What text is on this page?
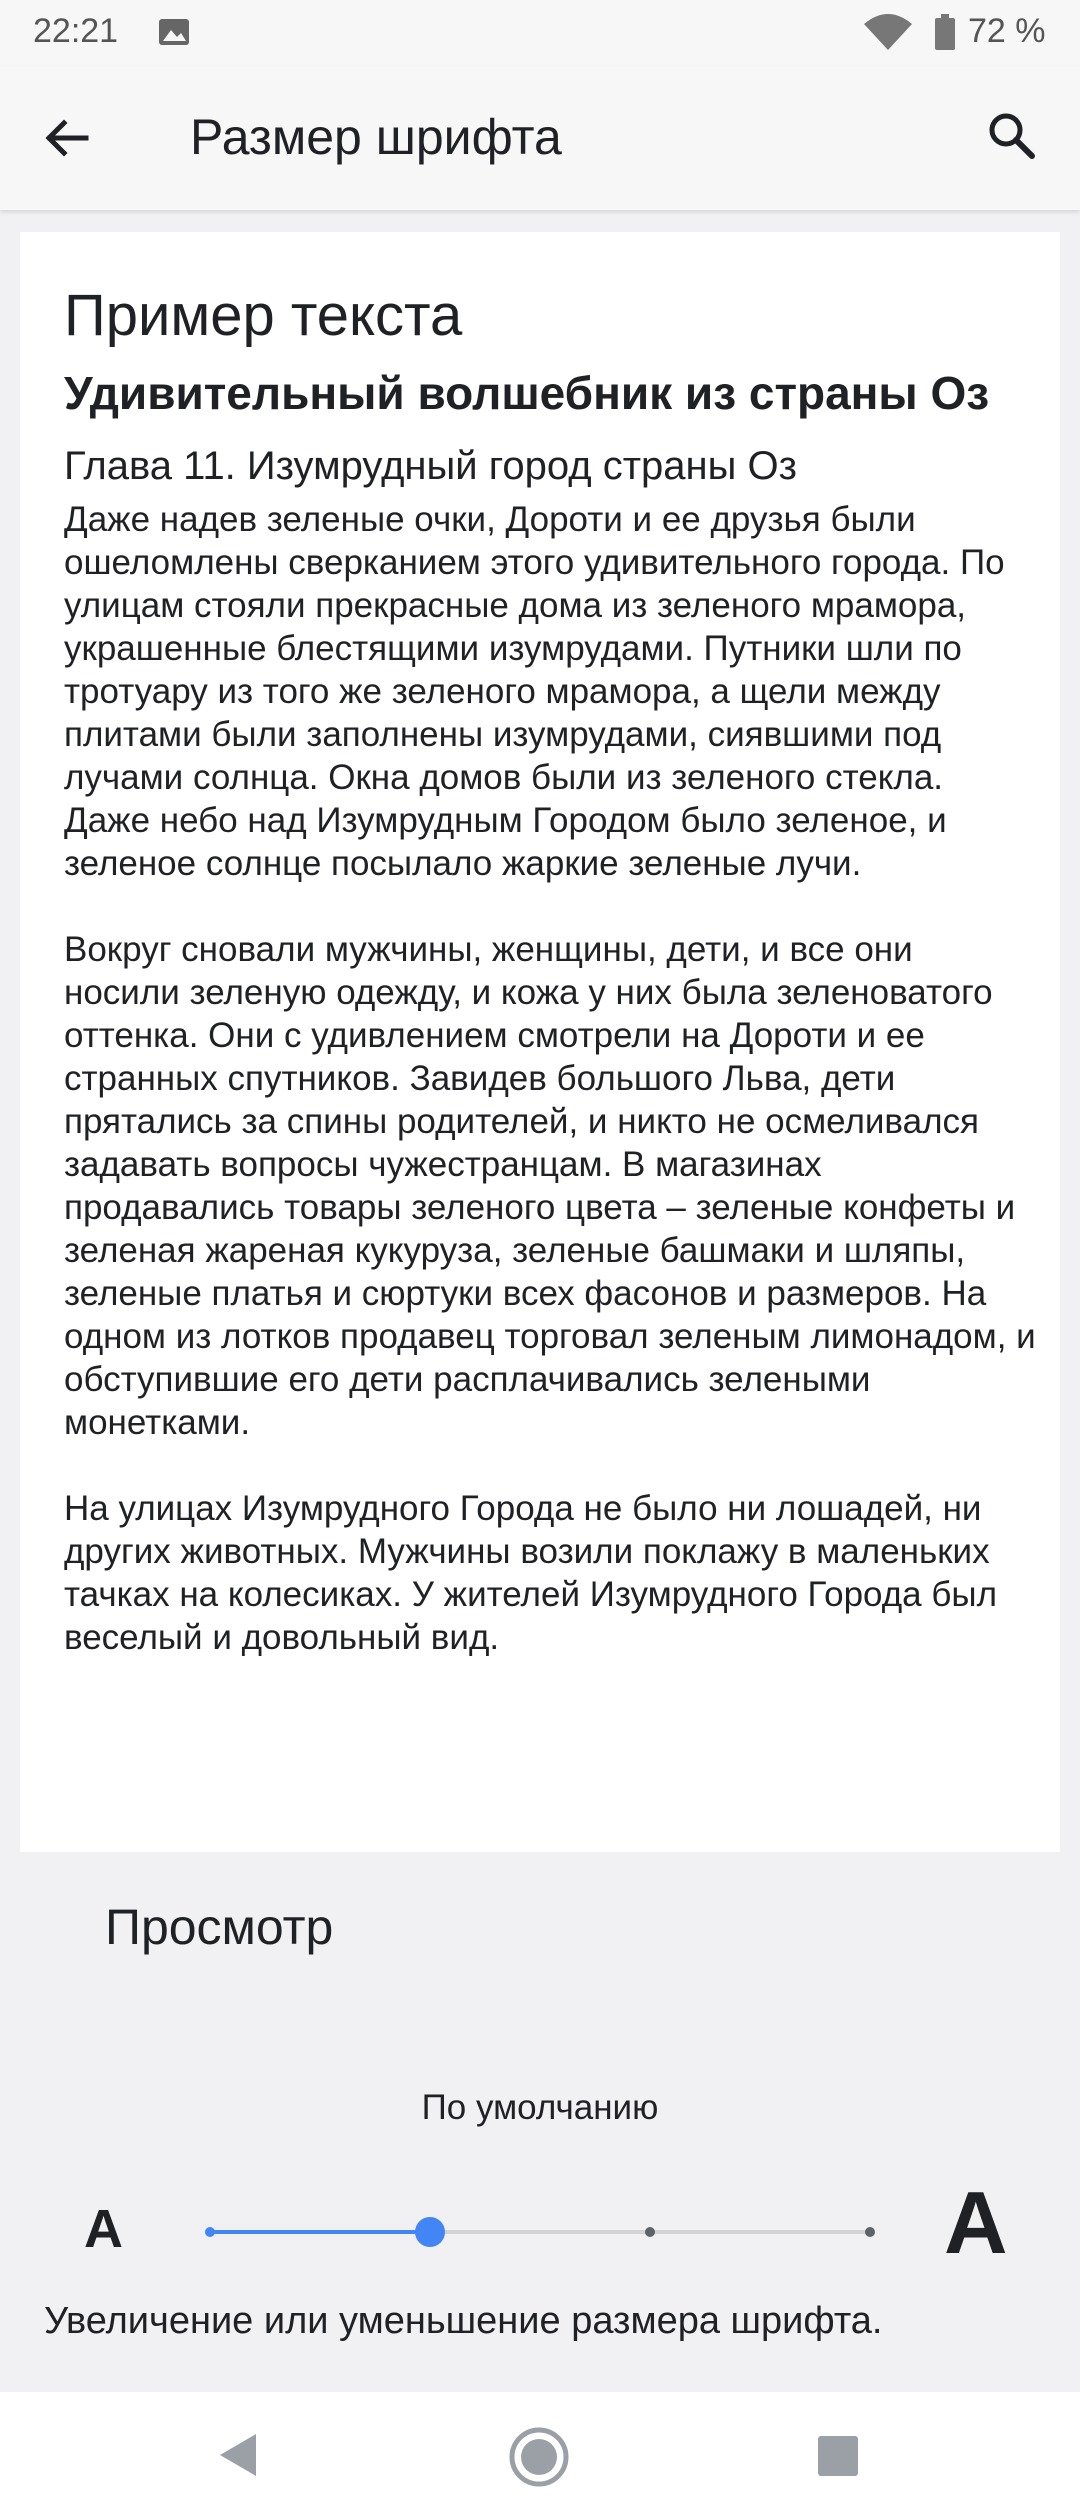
22:21	72 %
Размер шрифта
Пример текста
Удивительный волшебник из страны Оз
Глава 11. Изумрудный город страны Оз

Даже надев зеленые очки, Дороти и ее друзья были ошеломлены сверканием этого удивительного города. По улицам стояли прекрасные дома из зеленого мрамора, украшенные блестящими изумрудами. Путники шли по тротуару из того же зеленого мрамора, а щели между плитами были заполнены изумрудами, сиявшими под лучами солнца. Окна домов были из зеленого стекла. Даже небо над Изумрудным Городом было зеленое, и зеленое солнце посылало жаркие зеленые лучи.

Вокруг сновали мужчины, женщины, дети, и все они носили зеленую одежду, и кожа у них была зеленоватого оттенка. Они с удивлением смотрели на Дороти и ее странных спутников. Завидев большого Льва, дети прятались за спины родителей, и никто не осмеливался задавать вопросы чужестранцам. В магазинах продавались товары зеленого цвета – зеленые конфеты и зеленая жареная кукуруза, зеленые башмаки и шляпы, зеленые платья и сюртуки всех фасонов и размеров. На одном из лотков продавец торговал зеленым лимонадом, и обступившие его дети расплачивались зелеными монетками.

На улицах Изумрудного Города не было ни лошадей, ни других животных. Мужчины возили поклажу в маленьких тачках на колесиках. У жителей Изумрудного Города был веселый и довольный вид.

Просмотр
По умолчанию
A	A
Увеличение или уменьшение размера шрифта.
